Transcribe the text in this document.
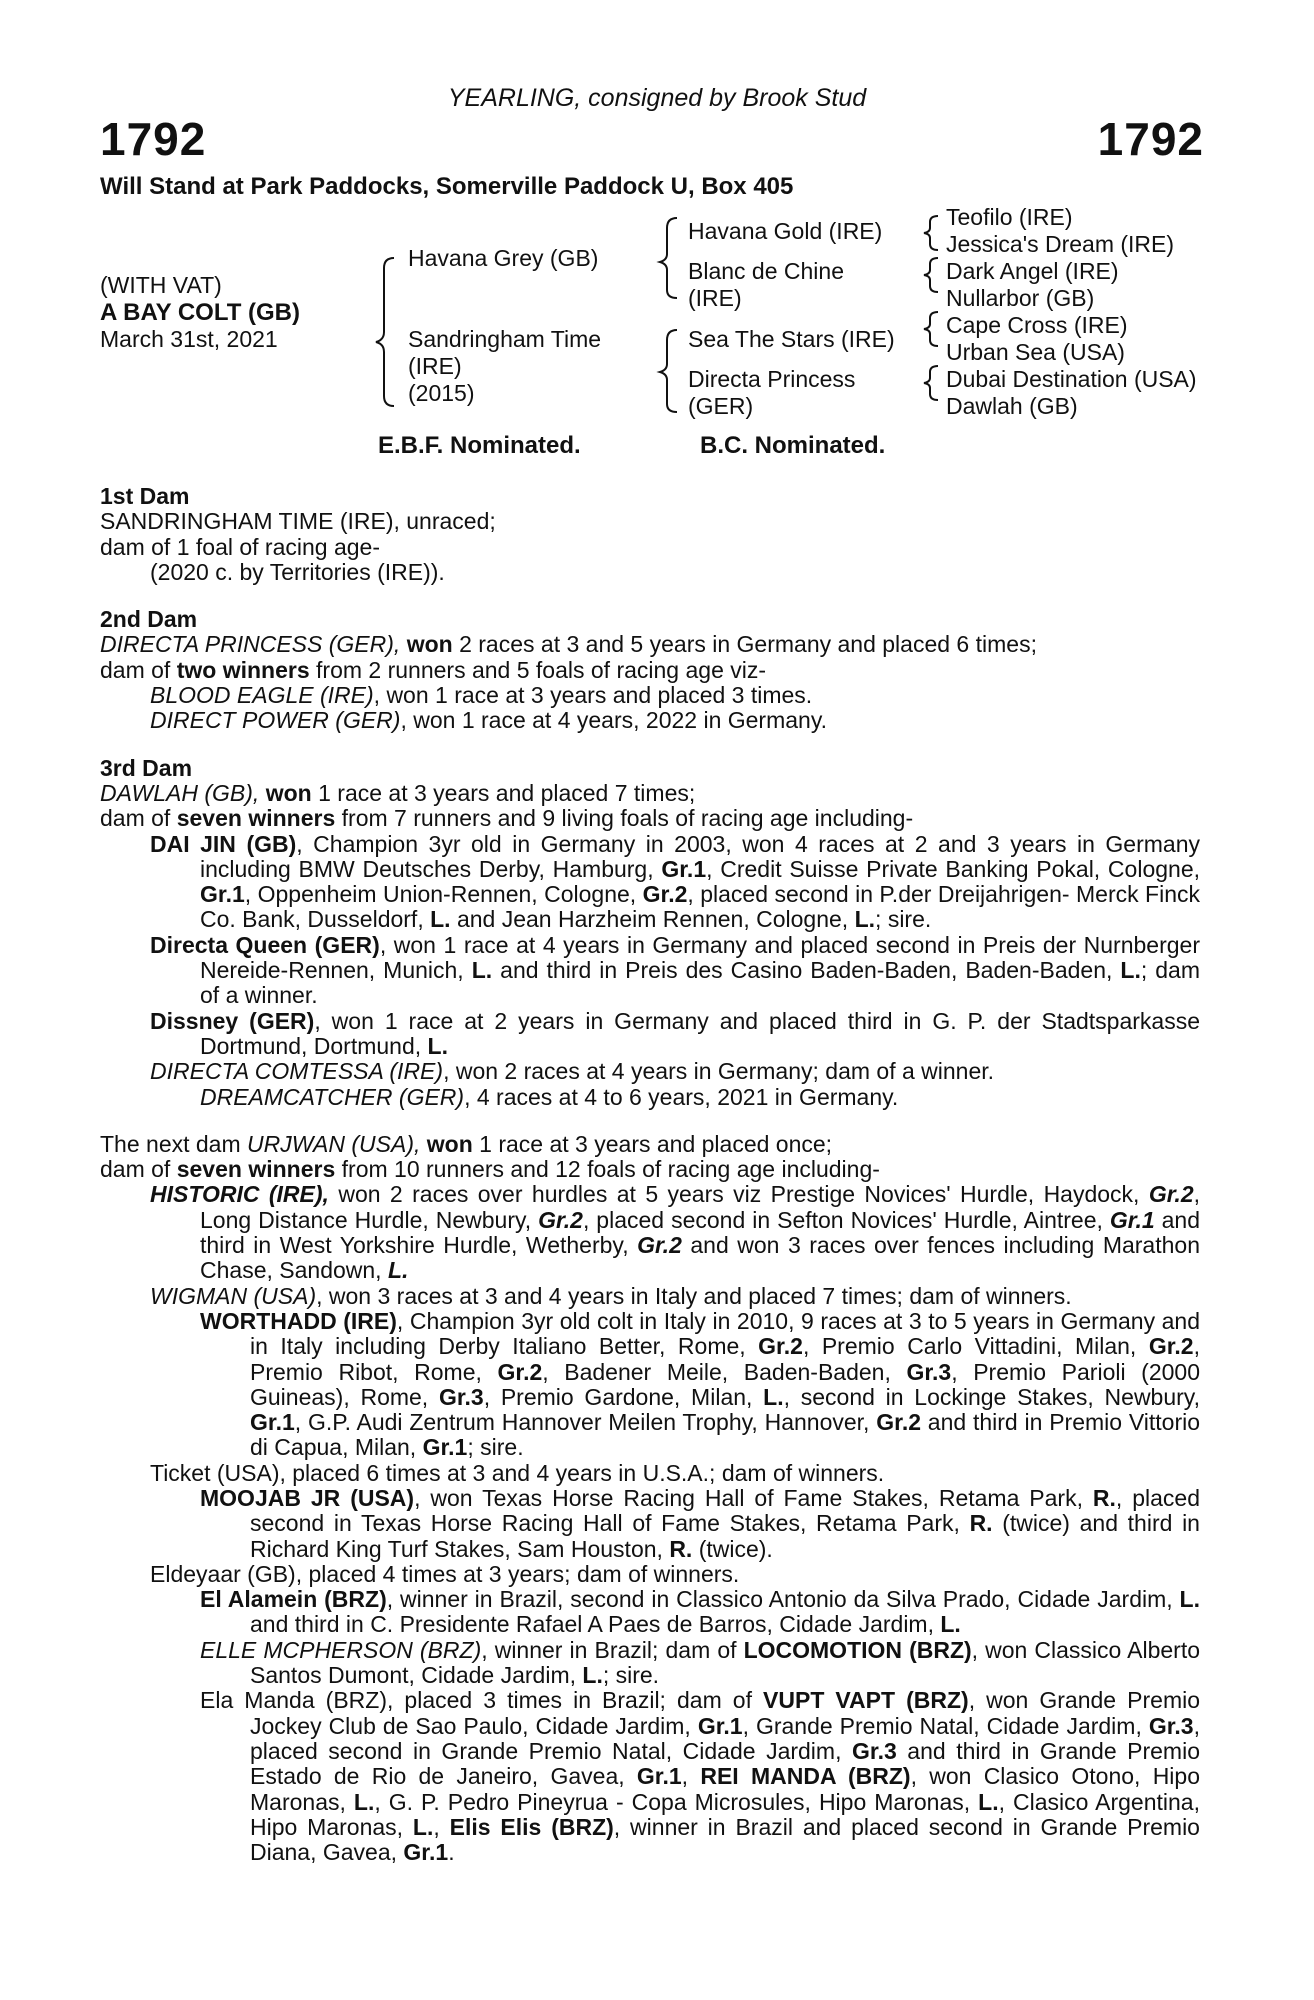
YEARLING, consigned by Brook Stud
1792	1792
Will Stand at Park Paddocks, Somerville Paddock U, Box 405
(WITH VAT)
A BAY COLT (GB)
March 31st, 2021
Havana Grey (GB)
Sandringham Time
(IRE)
(2015)
Havana Gold (IRE)
Blanc de Chine
(IRE)
Sea The Stars (IRE)
Directa Princess
(GER)
Teofilo (IRE)
Jessica's Dream (IRE)
Dark Angel (IRE)
Nullarbor (GB)
Cape Cross (IRE)
Urban Sea (USA)
Dubai Destination (USA)
Dawlah (GB)
E.B.F. Nominated.	B.C. Nominated.

1st Dam

SANDRINGHAM TIME (IRE), unraced;

dam of 1 foal of racing age-

(2020 c. by Territories (IRE)).

2nd Dam

DIRECTA PRINCESS (GER), won 2 races at 3 and 5 years in Germany and placed 6 times;

dam of two winners from 2 runners and 5 foals of racing age viz-

BLOOD EAGLE (IRE), won 1 race at 3 years and placed 3 times.

DIRECT POWER (GER), won 1 race at 4 years, 2022 in Germany.

3rd Dam

DAWLAH (GB), won 1 race at 3 years and placed 7 times;

dam of seven winners from 7 runners and 9 living foals of racing age including-

DAI JIN (GB), Champion 3yr old in Germany in 2003, won 4 races at 2 and 3 years in Germany including BMW Deutsches Derby, Hamburg, Gr.1, Credit Suisse Private Banking Pokal, Cologne, Gr.1, Oppenheim Union-Rennen, Cologne, Gr.2, placed second in P.der Dreijahrigen- Merck Finck Co. Bank, Dusseldorf, L. and Jean Harzheim Rennen, Cologne, L.; sire.

Directa Queen (GER), won 1 race at 4 years in Germany and placed second in Preis der Nurnberger Nereide-Rennen, Munich, L. and third in Preis des Casino Baden-Baden, Baden-Baden, L.; dam of a winner.

Dissney (GER), won 1 race at 2 years in Germany and placed third in G. P. der Stadtsparkasse Dortmund, Dortmund, L.

DIRECTA COMTESSA (IRE), won 2 races at 4 years in Germany; dam of a winner.

DREAMCATCHER (GER), 4 races at 4 to 6 years, 2021 in Germany.

The next dam URJWAN (USA), won 1 race at 3 years and placed once;

dam of seven winners from 10 runners and 12 foals of racing age including-

HISTORIC (IRE), won 2 races over hurdles at 5 years viz Prestige Novices' Hurdle, Haydock, Gr.2, Long Distance Hurdle, Newbury, Gr.2, placed second in Sefton Novices' Hurdle, Aintree, Gr.1 and third in West Yorkshire Hurdle, Wetherby, Gr.2 and won 3 races over fences including Marathon Chase, Sandown, L.

WIGMAN (USA), won 3 races at 3 and 4 years in Italy and placed 7 times; dam of winners.

WORTHADD (IRE), Champion 3yr old colt in Italy in 2010, 9 races at 3 to 5 years in Germany and in Italy including Derby Italiano Better, Rome, Gr.2, Premio Carlo Vittadini, Milan, Gr.2, Premio Ribot, Rome, Gr.2, Badener Meile, Baden-Baden, Gr.3, Premio Parioli (2000 Guineas), Rome, Gr.3, Premio Gardone, Milan, L., second in Lockinge Stakes, Newbury, Gr.1, G.P. Audi Zentrum Hannover Meilen Trophy, Hannover, Gr.2 and third in Premio Vittorio di Capua, Milan, Gr.1; sire.

Ticket (USA), placed 6 times at 3 and 4 years in U.S.A.; dam of winners.

MOOJAB JR (USA), won Texas Horse Racing Hall of Fame Stakes, Retama Park, R., placed second in Texas Horse Racing Hall of Fame Stakes, Retama Park, R. (twice) and third in Richard King Turf Stakes, Sam Houston, R. (twice).

Eldeyaar (GB), placed 4 times at 3 years; dam of winners.

El Alamein (BRZ), winner in Brazil, second in Classico Antonio da Silva Prado, Cidade Jardim, L. and third in C. Presidente Rafael A Paes de Barros, Cidade Jardim, L.

ELLE MCPHERSON (BRZ), winner in Brazil; dam of LOCOMOTION (BRZ), won Classico Alberto Santos Dumont, Cidade Jardim, L.; sire.

Ela Manda (BRZ), placed 3 times in Brazil; dam of VUPT VAPT (BRZ), won Grande Premio Jockey Club de Sao Paulo, Cidade Jardim, Gr.1, Grande Premio Natal, Cidade Jardim, Gr.3, placed second in Grande Premio Natal, Cidade Jardim, Gr.3 and third in Grande Premio Estado de Rio de Janeiro, Gavea, Gr.1, REI MANDA (BRZ), won Clasico Otono, Hipo Maronas, L., G. P. Pedro Pineyrua - Copa Microsules, Hipo Maronas, L., Clasico Argentina, Hipo Maronas, L., Elis Elis (BRZ), winner in Brazil and placed second in Grande Premio Diana, Gavea, Gr.1.
